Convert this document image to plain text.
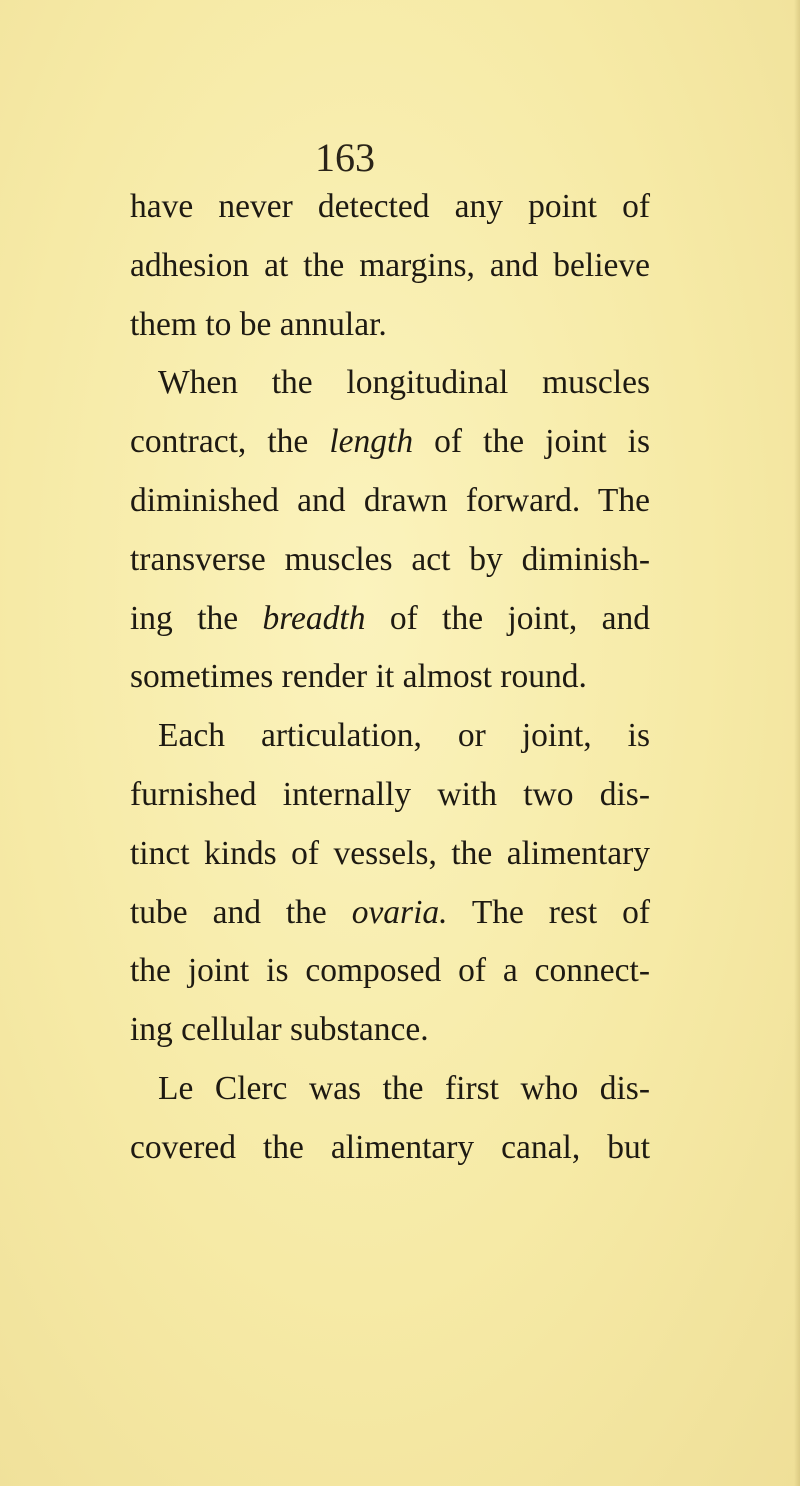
163
have never detected any point of
adhesion at the margins, and believe
them to be annular.
When the longitudinal muscles
contract, the length of the joint is
diminished and drawn forward. The
transverse muscles act by diminish-
ing the breadth of the joint, and
sometimes render it almost round.
Each articulation, or joint, is
furnished internally with two dis-
tinct kinds of vessels, the alimentary
tube and the ovaria. The rest of
the joint is composed of a connect-
ing cellular substance.
Le Clerc was the first who dis-
covered the alimentary canal, but
